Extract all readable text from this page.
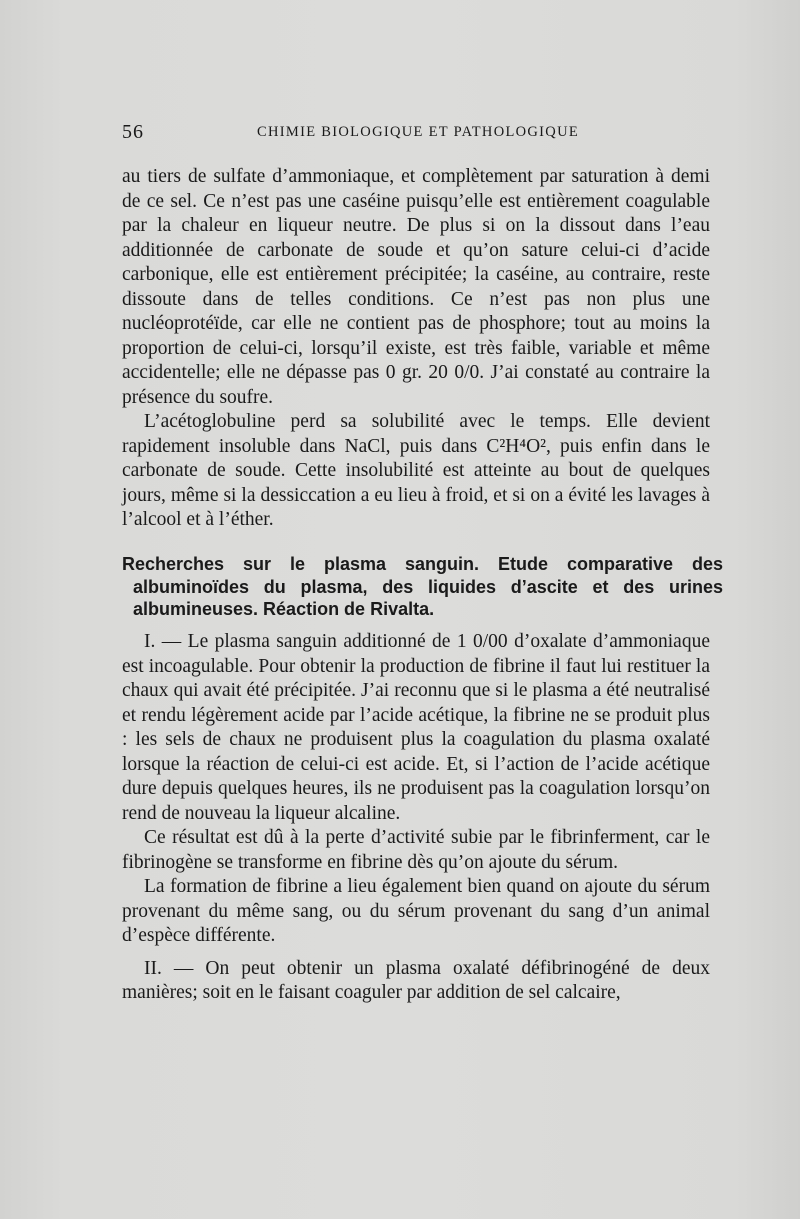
56	CHIMIE BIOLOGIQUE ET PATHOLOGIQUE

au tiers de sulfate d’ammoniaque, et complètement par saturation à demi de ce sel. Ce n’est pas une caséine puisqu’elle est entièrement coagulable par la chaleur en liqueur neutre. De plus si on la dissout dans l’eau additionnée de carbonate de soude et qu’on sature celui-ci d’acide carbonique, elle est entièrement précipitée; la caséine, au contraire, reste dissoute dans de telles conditions. Ce n’est pas non plus une nucléoprotéïde, car elle ne contient pas de phosphore; tout au moins la proportion de celui-ci, lorsqu’il existe, est très faible, variable et même accidentelle; elle ne dépasse pas 0 gr. 20 0/0. J’ai constaté au contraire la présence du soufre.

L’acétoglobuline perd sa solubilité avec le temps. Elle devient rapidement insoluble dans NaCl, puis dans C²H⁴O², puis enfin dans le carbonate de soude. Cette insolubilité est atteinte au bout de quelques jours, même si la dessiccation a eu lieu à froid, et si on a évité les lavages à l’alcool et à l’éther.

Recherches sur le plasma sanguin. Etude comparative des albuminoïdes du plasma, des liquides d’ascite et des urines albumineuses. Réaction de Rivalta.

I. — Le plasma sanguin additionné de 1 0/00 d’oxalate d’ammoniaque est incoagulable. Pour obtenir la production de fibrine il faut lui restituer la chaux qui avait été précipitée. J’ai reconnu que si le plasma a été neutralisé et rendu légèrement acide par l’acide acétique, la fibrine ne se produit plus : les sels de chaux ne produisent plus la coagulation du plasma oxalaté lorsque la réaction de celui-ci est acide. Et, si l’action de l’acide acétique dure depuis quelques heures, ils ne produisent pas la coagulation lorsqu’on rend de nouveau la liqueur alcaline.

Ce résultat est dû à la perte d’activité subie par le fibrinferment, car le fibrinogène se transforme en fibrine dès qu’on ajoute du sérum.

La formation de fibrine a lieu également bien quand on ajoute du sérum provenant du même sang, ou du sérum provenant du sang d’un animal d’espèce différente.

II. — On peut obtenir un plasma oxalaté défibrinogéné de deux manières; soit en le faisant coaguler par addition de sel calcaire,
